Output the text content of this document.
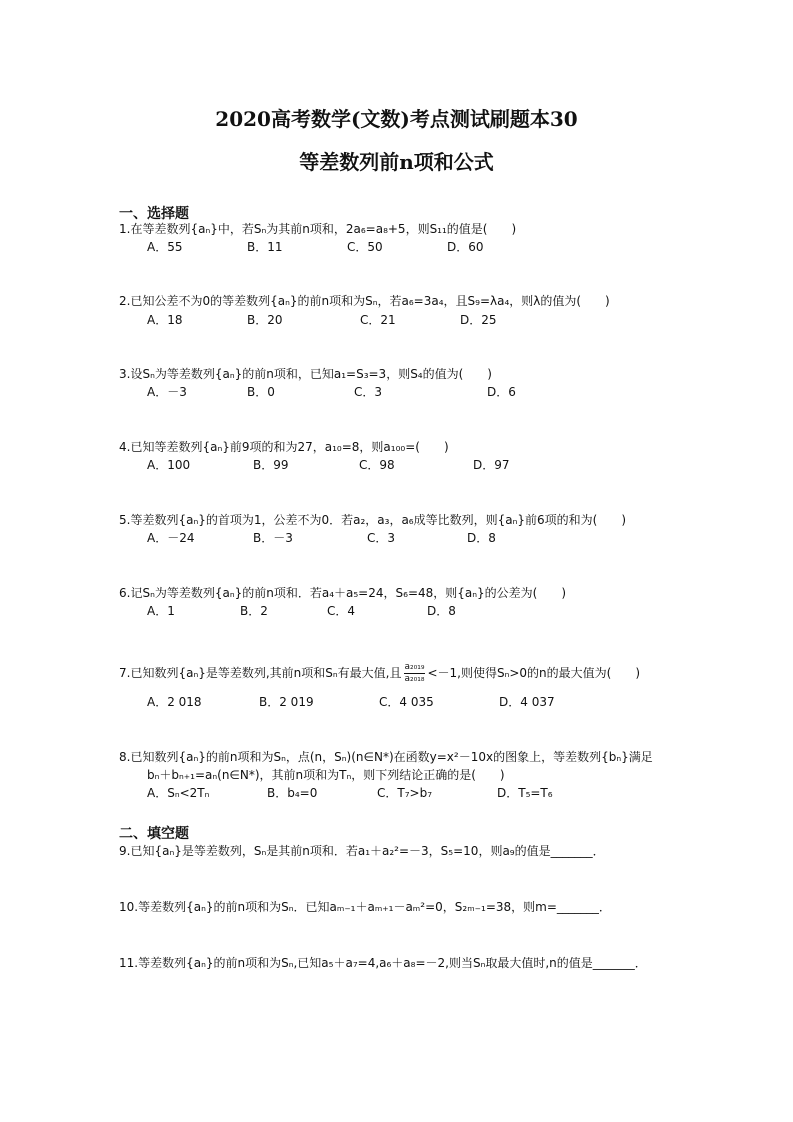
2020高考数学(文数)考点测试刷题本30
等差数列前n项和公式
一、选择题
1.在等差数列{aₙ}中，若Sₙ为其前n项和，2a₆=a₈+5，则S₁₁的值是(　　)
A．55	B．11	C．50	D．60
2.已知公差不为0的等差数列{aₙ}的前n项和为Sₙ，若a₆=3a₄，且S₉=λa₄，则λ的值为(　　)
A．18	B．20	C．21	D．25
3.设Sₙ为等差数列{aₙ}的前n项和，已知a₁=S₃=3，则S₄的值为(　　)
A．－3	B．0	C．3	D．6
4.已知等差数列{aₙ}前9项的和为27，a₁₀=8，则a₁₀₀=(　　)
A．100	B．99	C．98	D．97
5.等差数列{aₙ}的首项为1，公差不为0．若a₂，a₃，a₆成等比数列，则{aₙ}前6项的和为(　　)
A．－24	B．－3	C．3	D．8
6.记Sₙ为等差数列{aₙ}的前n项和．若a₄＋a₅=24，S₆=48，则{aₙ}的公差为(　　)
A．1	B．2	C．4	D．8
7.已知数列{aₙ}是等差数列,其前n项和Sₙ有最大值,且 $\frac{\text{a₂₀₁₉}}{\text{a₂₀₁₈}} <-1$,则使得Sₙ>0的n的最大值为(　　)
A．2 018	B．2 019	C．4 035	D．4 037
8.已知数列{aₙ}的前n项和为Sₙ，点(n，Sₙ)(n∈N*)在函数y=x²－10x的图象上，等差数列{bₙ}满足
bₙ＋bₙ₊₁=aₙ(n∈N*)，其前n项和为Tₙ，则下列结论正确的是(　　)
A．Sₙ<2Tₙ	B．b₄=0	C．T₇>b₇	D．T₅=T₆
二、填空题
9.已知{aₙ}是等差数列，Sₙ是其前n项和．若a₁＋a₂²=－3，S₅=10，则a₉的值是_______．
10.等差数列{aₙ}的前n项和为Sₙ．已知aₘ₋₁＋aₘ₊₁－aₘ²=0，S₂ₘ₋₁=38，则m=_______．
11.等差数列{aₙ}的前n项和为Sₙ,已知a₅＋a₇=4,a₆＋a₈=－2,则当Sₙ取最大值时,n的值是_______．
